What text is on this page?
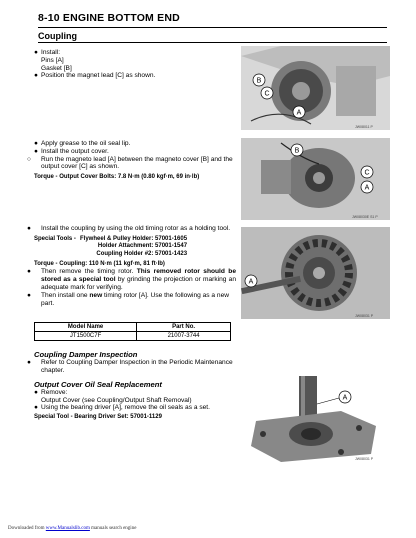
8-10 ENGINE BOTTOM END
Coupling
● Install:
Pins [A]
Gasket [B]
● Position the magnet lead [C] as shown.
B
C
A
JW08011 P
● Apply grease to the oil seal lip.
● Install the output cover.
○ Run the magneto lead [A] between the magneto cover [B] and the output cover [C] as shown.
Torque - Output Cover Bolts: 7.8 N·m (0.80 kgf·m, 69 in·lb)
B
C
A
JW08030E S1 P
● Install the coupling by using the old timing rotor as a holding tool.
Special Tools - Flywheel & Pulley Holder: 57001-1605
Holder Attachment: 57001-1547
Coupling Holder #2: 57001-1423
Torque - Coupling: 110 N·m (11 kgf·m, 81 ft·lb)
● Then remove the timing rotor. This removed rotor should be stored as a special tool by grinding the projection or marking an adequate mark for verifying.
● Then install one new timing rotor [A]. Use the following as a new part.
A
JW08031 P
Model Name	Part No.
JT1500C7F	21007-3744
Coupling Damper Inspection
● Refer to Coupling Damper Inspection in the Periodic Maintenance chapter.
Output Cover Oil Seal Replacement
● Remove:
Output Cover (see Coupling/Output Shaft Removal)
● Using the bearing driver [A], remove the oil seals as a set.
Special Tool - Bearing Driver Set: 57001-1129
A
JW08031 P
Downloaded from www.Manualslib.com manuals search engine
